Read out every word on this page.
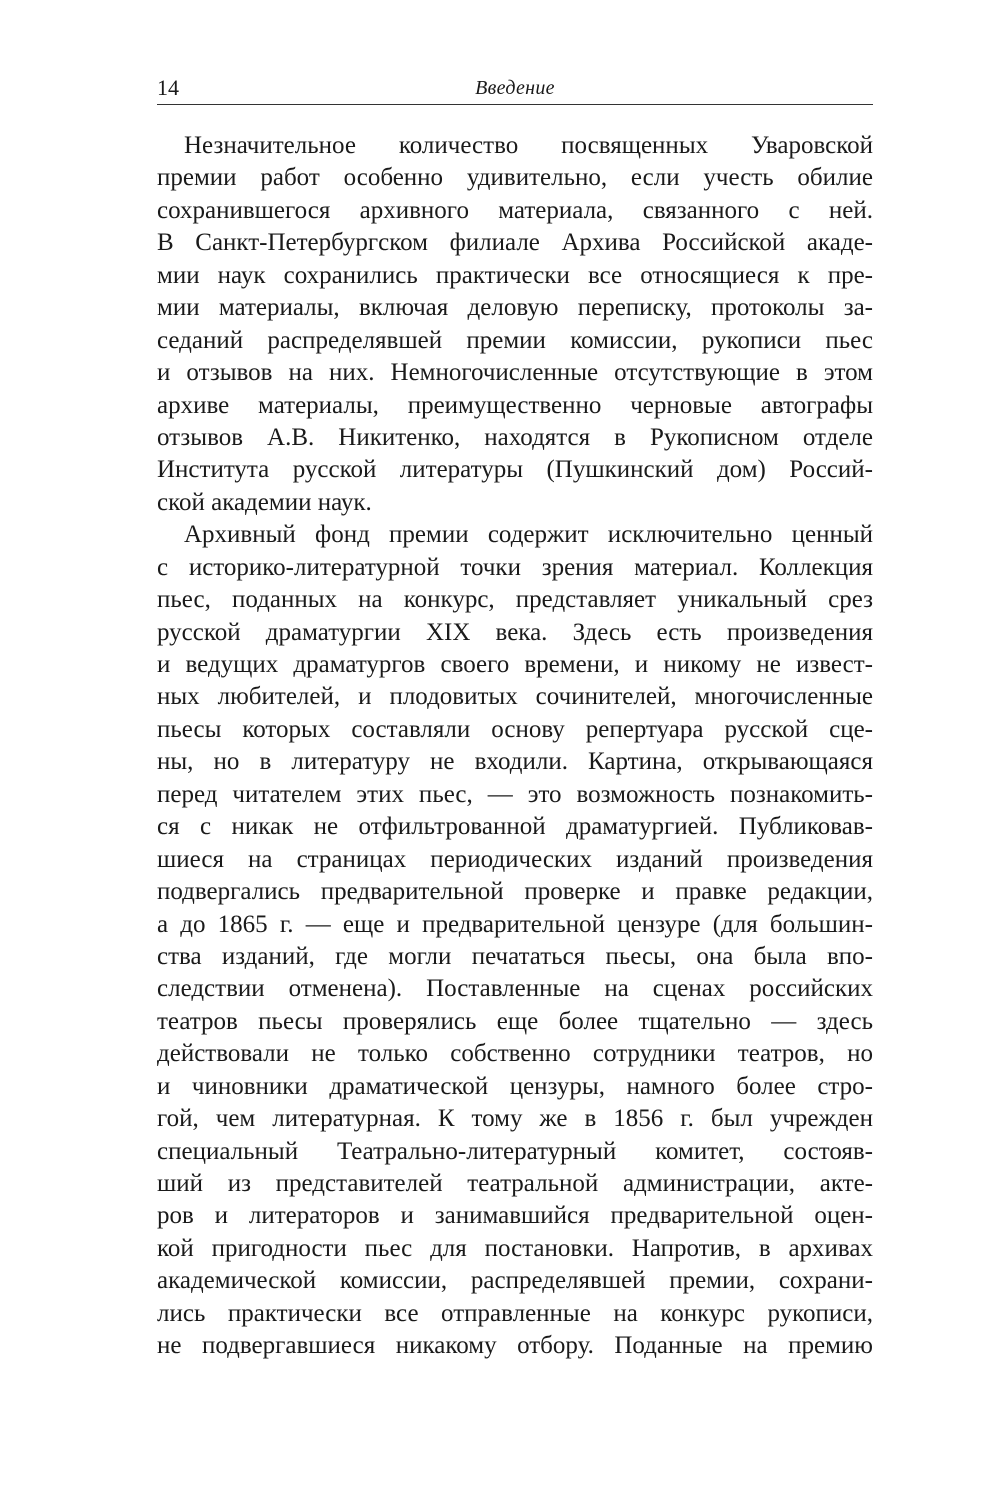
14	Введение
Незначительное количество посвященных Уваровской
премии работ особенно удивительно, если учесть обилие
сохранившегося архивного материала, связанного с ней.
В Санкт-Петербургском филиале Архива Российской акаде-
мии наук сохранились практически все относящиеся к пре-
мии материалы, включая деловую переписку, протоколы за-
седаний распределявшей премии комиссии, рукописи пьес
и отзывов на них. Немногочисленные отсутствующие в этом
архиве материалы, преимущественно черновые автографы
отзывов А.В. Никитенко, находятся в Рукописном отделе
Института русской литературы (Пушкинский дом) Россий-
ской академии наук.
Архивный фонд премии содержит исключительно ценный
с историко-литературной точки зрения материал. Коллекция
пьес, поданных на конкурс, представляет уникальный срез
русской драматургии XIX века. Здесь есть произведения
и ведущих драматургов своего времени, и никому не извест-
ных любителей, и плодовитых сочинителей, многочисленные
пьесы которых составляли основу репертуара русской сце-
ны, но в литературу не входили. Картина, открывающаяся
перед читателем этих пьес, — это возможность познакомить-
ся с никак не отфильтрованной драматургией. Публиковав-
шиеся на страницах периодических изданий произведения
подвергались предварительной проверке и правке редакции,
а до 1865 г. — еще и предварительной цензуре (для большин-
ства изданий, где могли печататься пьесы, она была впо-
следствии отменена). Поставленные на сценах российских
театров пьесы проверялись еще более тщательно — здесь
действовали не только собственно сотрудники театров, но
и чиновники драматической цензуры, намного более стро-
гой, чем литературная. К тому же в 1856 г. был учрежден
специальный Театрально-литературный комитет, состояв-
ший из представителей театральной администрации, акте-
ров и литераторов и занимавшийся предварительной оцен-
кой пригодности пьес для постановки. Напротив, в архивах
академической комиссии, распределявшей премии, сохрани-
лись практически все отправленные на конкурс рукописи,
не подвергавшиеся никакому отбору. Поданные на премию
